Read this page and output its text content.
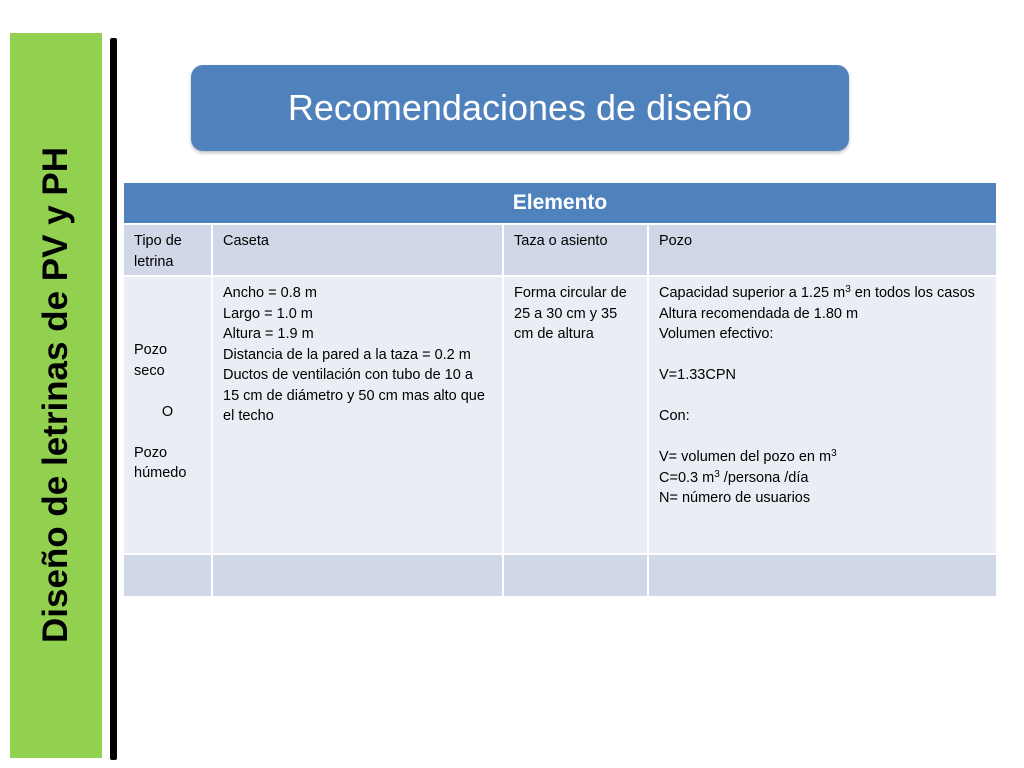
Diseño de letrinas de PV y PH
Recomendaciones de diseño
Elemento
Tipo de letrina
Caseta	Taza o asiento	Pozo
Pozo seco

O

Pozo
húmedo
Ancho = 0.8 m
Largo = 1.0 m
Altura = 1.9 m
Distancia de la pared a la taza = 0.2 m
Ductos de ventilación con tubo de 10 a 15 cm de diámetro y 50 cm mas alto que el techo
Forma circular de 25 a 30 cm y 35 cm de altura
Capacidad superior a 1.25 $m^3$ en todos los casos
Altura recomendada de 1.80 m
Volumen efectivo:

V=1.33CPN

Con:

V= volumen del pozo en $m^3$
C=0.3 $m^3$ /persona /día
N= número de usuarios
